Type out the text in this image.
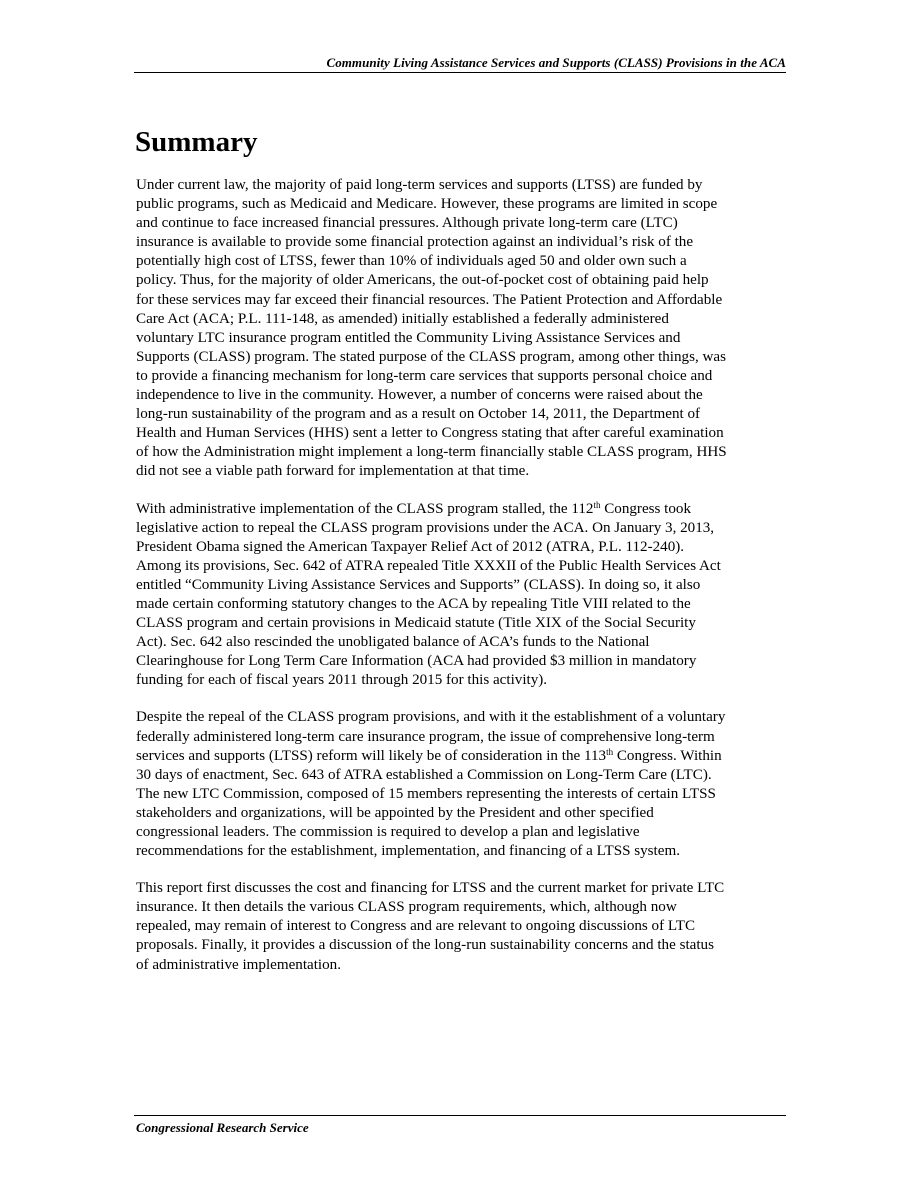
Community Living Assistance Services and Supports (CLASS) Provisions in the ACA
Summary

Under current law, the majority of paid long-term services and supports (LTSS) are funded by
public programs, such as Medicaid and Medicare. However, these programs are limited in scope
and continue to face increased financial pressures. Although private long-term care (LTC)
insurance is available to provide some financial protection against an individual’s risk of the
potentially high cost of LTSS, fewer than 10% of individuals aged 50 and older own such a
policy. Thus, for the majority of older Americans, the out-of-pocket cost of obtaining paid help
for these services may far exceed their financial resources. The Patient Protection and Affordable
Care Act (ACA; P.L. 111-148, as amended) initially established a federally administered
voluntary LTC insurance program entitled the Community Living Assistance Services and
Supports (CLASS) program. The stated purpose of the CLASS program, among other things, was
to provide a financing mechanism for long-term care services that supports personal choice and
independence to live in the community. However, a number of concerns were raised about the
long-run sustainability of the program and as a result on October 14, 2011, the Department of
Health and Human Services (HHS) sent a letter to Congress stating that after careful examination
of how the Administration might implement a long-term financially stable CLASS program, HHS
did not see a viable path forward for implementation at that time.

With administrative implementation of the CLASS program stalled, the 112th Congress took
legislative action to repeal the CLASS program provisions under the ACA. On January 3, 2013,
President Obama signed the American Taxpayer Relief Act of 2012 (ATRA, P.L. 112-240).
Among its provisions, Sec. 642 of ATRA repealed Title XXXII of the Public Health Services Act
entitled “Community Living Assistance Services and Supports” (CLASS). In doing so, it also
made certain conforming statutory changes to the ACA by repealing Title VIII related to the
CLASS program and certain provisions in Medicaid statute (Title XIX of the Social Security
Act). Sec. 642 also rescinded the unobligated balance of ACA’s funds to the National
Clearinghouse for Long Term Care Information (ACA had provided $3 million in mandatory
funding for each of fiscal years 2011 through 2015 for this activity).

Despite the repeal of the CLASS program provisions, and with it the establishment of a voluntary
federally administered long-term care insurance program, the issue of comprehensive long-term
services and supports (LTSS) reform will likely be of consideration in the 113th Congress. Within
30 days of enactment, Sec. 643 of ATRA established a Commission on Long-Term Care (LTC).
The new LTC Commission, composed of 15 members representing the interests of certain LTSS
stakeholders and organizations, will be appointed by the President and other specified
congressional leaders. The commission is required to develop a plan and legislative
recommendations for the establishment, implementation, and financing of a LTSS system.

This report first discusses the cost and financing for LTSS and the current market for private LTC
insurance. It then details the various CLASS program requirements, which, although now
repealed, may remain of interest to Congress and are relevant to ongoing discussions of LTC
proposals. Finally, it provides a discussion of the long-run sustainability concerns and the status
of administrative implementation.

Congressional Research Service
